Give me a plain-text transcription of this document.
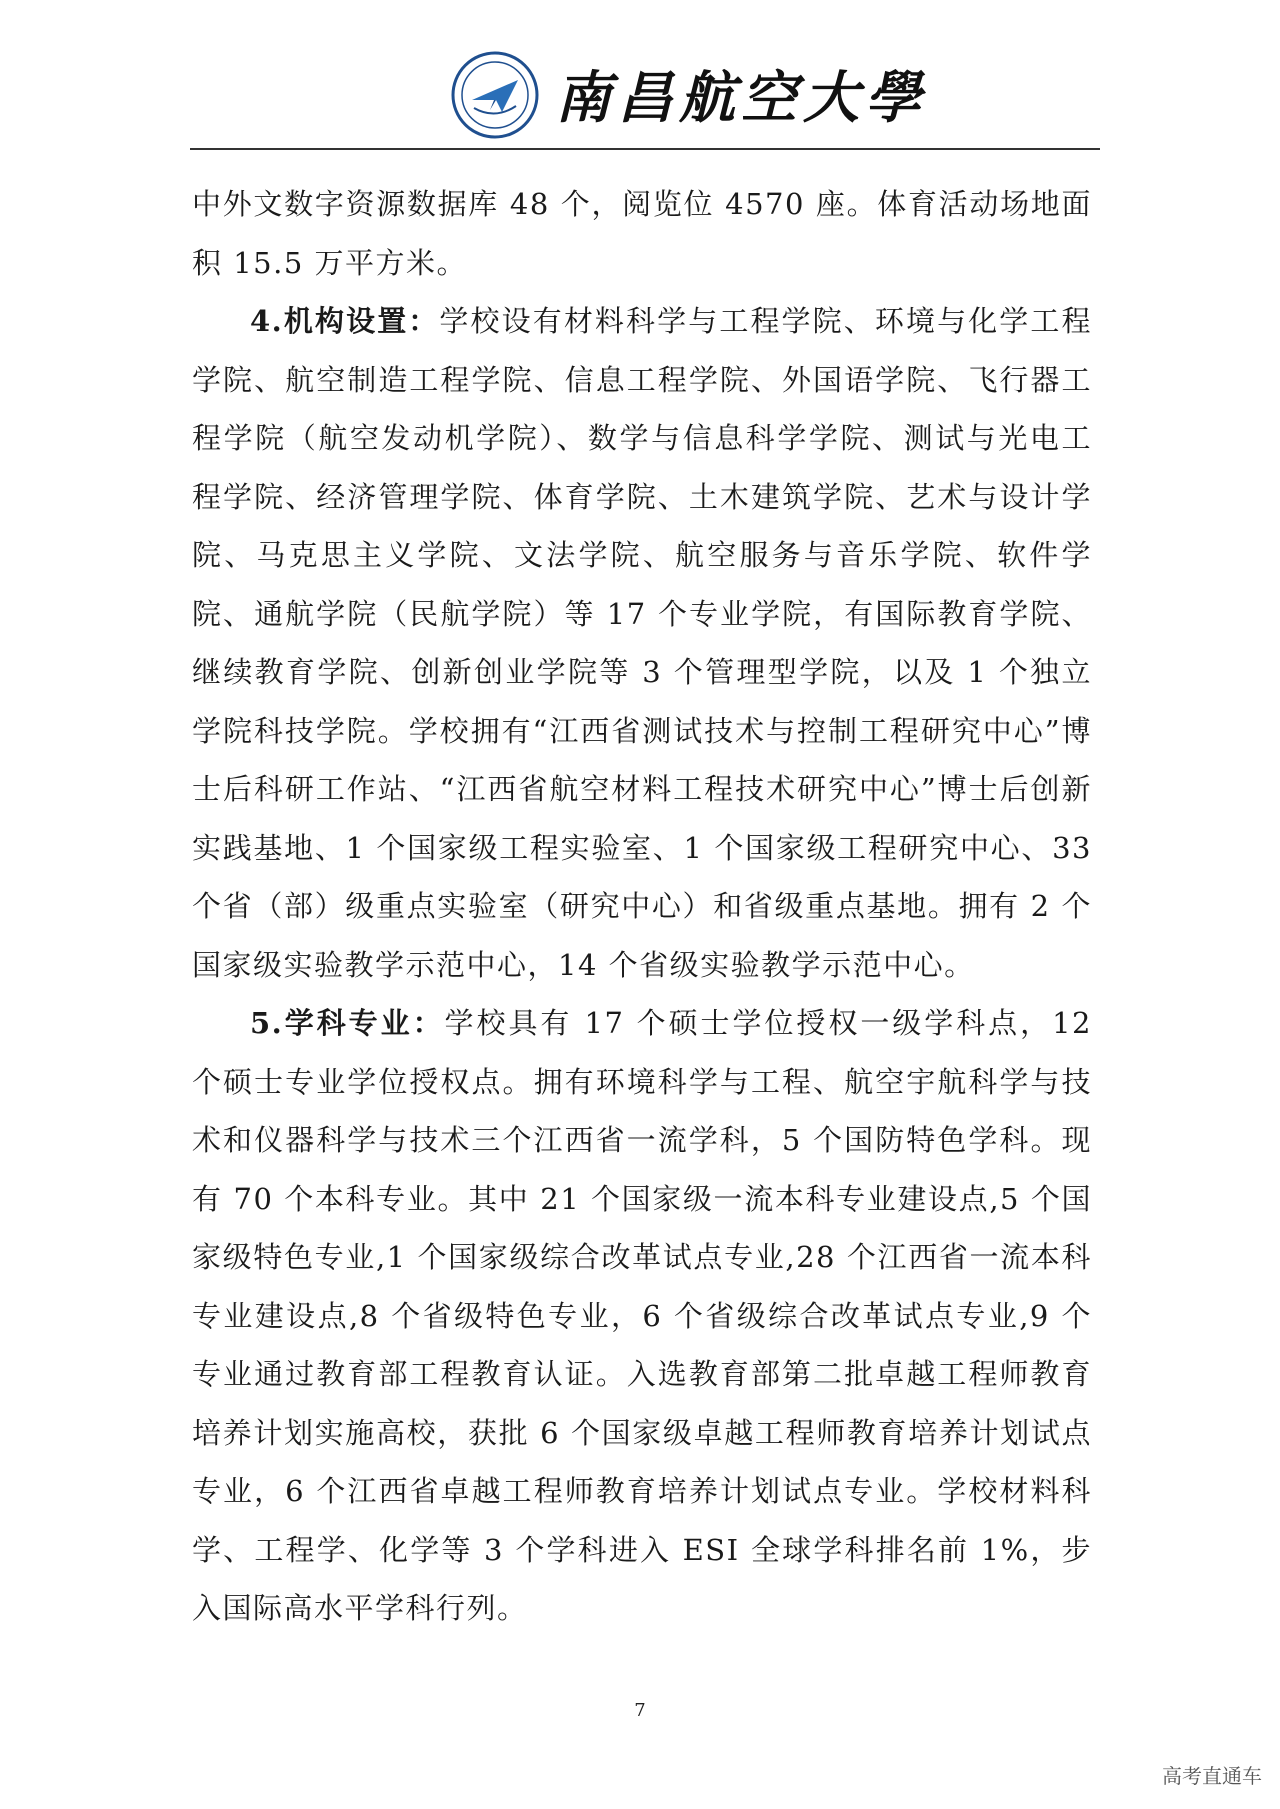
南昌航空大學

中外文数字资源数据库 48 个，阅览位 4570 座。体育活动场地面积 15.5 万平方米。

4.机构设置：学校设有材料科学与工程学院、环境与化学工程学院、航空制造工程学院、信息工程学院、外国语学院、飞行器工程学院（航空发动机学院）、数学与信息科学学院、测试与光电工程学院、经济管理学院、体育学院、土木建筑学院、艺术与设计学院、马克思主义学院、文法学院、航空服务与音乐学院、软件学院、通航学院（民航学院）等 17 个专业学院，有国际教育学院、继续教育学院、创新创业学院等 3 个管理型学院，以及 1 个独立学院科技学院。学校拥有“江西省测试技术与控制工程研究中心”博士后科研工作站、“江西省航空材料工程技术研究中心”博士后创新实践基地、1 个国家级工程实验室、1 个国家级工程研究中心、33 个省（部）级重点实验室（研究中心）和省级重点基地。拥有 2 个国家级实验教学示范中心，14 个省级实验教学示范中心。

5.学科专业：学校具有 17 个硕士学位授权一级学科点，12 个硕士专业学位授权点。拥有环境科学与工程、航空宇航科学与技术和仪器科学与技术三个江西省一流学科，5 个国防特色学科。现有 70 个本科专业。其中 21 个国家级一流本科专业建设点,5 个国家级特色专业,1 个国家级综合改革试点专业,28 个江西省一流本科专业建设点,8 个省级特色专业，6 个省级综合改革试点专业,9 个专业通过教育部工程教育认证。入选教育部第二批卓越工程师教育培养计划实施高校，获批 6 个国家级卓越工程师教育培养计划试点专业，6 个江西省卓越工程师教育培养计划试点专业。学校材料科学、工程学、化学等 3 个学科进入 ESI 全球学科排名前 1%，步入国际高水平学科行列。

7
高考直通车
